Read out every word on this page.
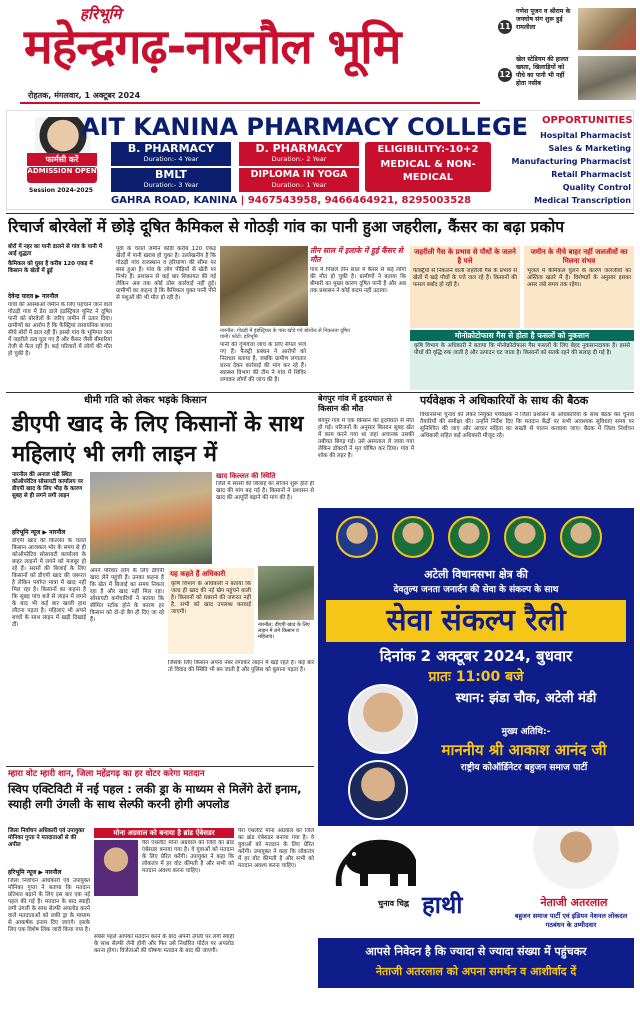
हरिभूमि
महेन्द्रगढ़-नारनौल भूमि
रोहतक, मंगलवार, 1 अक्टूबर 2024
11
गणेश पूजन व श्रीराम के जयघोष संग शुरू हुई रामलीला
12
खेल स्टेडियम की हालत खस्ता, खिलाड़ियों को पौधे का पानी भी नहीं होता नसीब
फार्मसी करें
ADMISSION OPEN
Session 2024-2025
AIT KANINA PHARMACY COLLEGE
B. PHARMACY
Duration:- 4 Year
D. PHARMACY
Duration:- 2 Year
BMLT
Duration:- 3 Year
DIPLOMA IN YOGA
Duration:- 1 Year
ELIGIBILITY:-10+2
MEDICAL & NON-MEDICAL
GAHRA ROAD, KANINA | 9467543958, 9466464921, 8295003528
OPPORTUNITIES
Hospital Pharmacist
Sales & Marketing
Manufacturing Pharmacist
Retail Pharmacist
Quality Control
Medical Transcription
रिचार्ज बोरवेलों में छोड़े दूषित कैमिकल से गोठड़ी गांव का पानी हुआ जहरीला, कैंसर का बढ़ा प्रकोप
बोरों में नहर का पानी डालने से गांव के पानी में आई शुद्धता
कैमिकल को घुसा है करीब 120 एकड़ में किसान के खेतों में ढ्रूई
देवेन्द्र यादव ▶ नारनौल
गांवों की आस्थाओं जमीन के लिए पहचाने जाने वाले गोठड़ी गांव में डेरा डाले इंडस्ट्रियल यूनिट ने दूषित पानी को बोरवेलों के जरिए जमीन में उतार दिया। ग्रामीणों का आरोप है कि फैक्ट्रियां रासायनिक कचरा सीधे बोरों में डाल रही हैं। इससे गांव के भूमिगत जल में जहरीले तत्व घुल गए हैं और कैंसर जैसी बीमारियां तेजी से फैल रही हैं। कई परिवारों में लोगों की मौत हो चुकी है।
पूर्वा के चलते जमीन कोंडी करीब 120 एकड़ खेतों में पानी खराब हो चुका है। उल्लेखनीय है कि गोठड़ी गांव राजस्थान व हरियाणा की सीमा पर बसा हुआ है। गांव के लोग पीढ़ियों से खेती पर निर्भर हैं। प्रशासन से कई बार शिकायत की गई लेकिन अब तक कोई ठोस कार्रवाई नहीं हुई। ग्रामीणों का कहना है कि कैमिकल युक्त पानी पीने से पशुओं की भी मौत हो रही है।
नारनौल: गोठड़ी में इंडस्ट्रियल के पास खोदे गये बोरवेल से निकलता दूषित पानी। फोटो: हरिभूमि
पानी की गुणवत्ता जांच के लिए सैंपल भेजे गए हैं। फैक्ट्री प्रबंधन ने आरोपों को निराधार बताया है, जबकि ग्रामीण लगातार धरना देकर कार्रवाई की मांग कर रहे हैं। स्वास्थ्य विभाग की टीम ने गांव में शिविर लगाकर लोगों की जांच की है।
तीन साल में इलाके में हुई कैंसर से मौत
गांव में पिछले तीन साल में कैंसर से कई लोगों की मौत हो चुकी है। ग्रामीणों ने बताया कि बीमारी का मुख्य कारण दूषित पानी है और अब तक प्रशासन ने कोई कदम नहीं उठाया।
जहरीली गैस के प्रभाव से पौधों के जलने है पत्ते
फैक्ट्रियों से निकलने वाली जहरीली गैस के प्रभाव से खेतों में खड़े पौधों के पत्ते जल रहे हैं। किसानों की फसल बर्बाद हो रही है।
जमीन के नीचे बाहर नहीं जलजीवों का मिलना संभव
भूजल में कैमिकल घुलने के कारण जलजीवों का अस्तित्व खतरे में है। विशेषज्ञों के अनुसार इसका असर लंबे समय तक रहेगा।
मोनोक्रोटोफास गैस से होता है फसलों को नुकसान
कृषि विभाग के अधिकारी ने बताया कि मोनोक्रोटोफास गैस फसलों के लिए बेहद नुकसानदायक है। इससे पौधों की वृद्धि रुक जाती है और उत्पादन घट जाता है। किसानों को सतर्क रहने की सलाह दी गई है।
धीमी गति को लेकर भड़के किसान
डीएपी खाद के लिए किसानों के साथ महिलाएं भी लगी लाइन में
नारनौल की अनाज मंडी स्थित कोऑपरेटिव सोसायटी कार्यालय पर डीएपी खाद के लिए भीड़ के कारण सुबह से ही लगने लगी लाइन
हरिभूमि न्यूज ▶ नारनौल
डीएपी खाद की किल्लत के चलते किसान आजकल भोर के समय से ही कोऑपरेटिव सोसायटी कार्यालय के बाहर लाइनों में लगने को मजबूर हो रहे हैं। सरसों की बिजाई के लिए किसानों को डीएपी खाद की जरूरत है लेकिन पर्याप्त मात्रा में खाद नहीं मिल रहा है। किसानों का कहना है कि सुबह पांच बजे से लाइन में लगने के बाद भी कई बार खाली हाथ लौटना पड़ता है। महिलाएं भी अपने बच्चों के साथ लाइन में खड़ी दिखाई दीं।
अपने परिवार लोग के लिए डीएपी खाद लेने पहुंची हैं। उनका कहना है कि खेत में बिजाई का समय निकल रहा है और खाद नहीं मिल रहा। सोसायटी कर्मचारियों ने बताया कि सीमित स्टॉक होने के कारण हर किसान को दो-दो बैग ही दिए जा रहे हैं।
खाद किल्लत की स्थिति
जिले में सरसों की बिजाई का सीजन शुरू होते ही खाद की मांग बढ़ गई है। किसानों ने प्रशासन से खाद की आपूर्ति बढ़ाने की मांग की है।
यह कहते हैं अधिकारी
कृषि विभाग के अधिकारी ने बताया कि जल्द ही खाद की नई खेप पहुंचने वाली है। किसानों को घबराने की जरूरत नहीं है, सभी को खाद उपलब्ध करवाई जाएगी।
नारनौल: डीएपी खाद के लिए लाइन में लगे किसान व महिलाएं।
जिसके लिए किसान अपना नंबर लगाकर लाइन में खड़े रहते हैं। कई बार तो विवाद की स्थिति भी बन जाती है और पुलिस को बुलाना पड़ता है।
बेगपुर गांव में हृदयघात से किसान की मौत
बेगपुर गांव में एक किसान की हृदयघात से मौत हो गई। परिजनों के अनुसार किसान सुबह खेत में काम करने गया था जहां अचानक उसकी तबीयत बिगड़ गई। उसे अस्पताल ले जाया गया लेकिन डॉक्टरों ने मृत घोषित कर दिया। गांव में शोक की लहर है।
पर्यवेक्षक ने अधिकारियों के साथ की बैठक
विधानसभा चुनाव को लेकर नियुक्त पर्यवेक्षक ने जिला प्रशासन के अधिकारियों के साथ बैठक कर चुनाव तैयारियों की समीक्षा की। उन्होंने निर्देश दिए कि मतदान केंद्रों पर सभी आवश्यक सुविधाएं समय पर सुनिश्चित की जाएं और आचार संहिता का सख्ती से पालन करवाया जाए। बैठक में जिला निर्वाचन अधिकारी सहित कई अधिकारी मौजूद रहे।
अटेली विधानसभा क्षेत्र की
देवतुल्य जनता जनार्दन की सेवा के संकल्प के साथ
सेवा संकल्प रैली
दिनांक 2 अक्टूबर 2024, बुधवार
प्रातः 11:00 बजे
स्थान: झंडा चौक, अटेली मंडी
मुख्य अतिथि:-
माननीय श्री आकाश आनंद जी
राष्ट्रीय कोऑर्डिनेटर बहुजन समाज पार्टी
चुनाव चिह्न हाथी	नेताजी अतरलाल
बहुजन समाज पार्टी एवं इंडियन नेशनल लोकदल गठबंधन के उम्मीदवार
आपसे निवेदन है कि ज्यादा से ज्यादा संख्या में पहुंचकर
नेताजी अतरलाल को अपना समर्थन व आशीर्वाद दें
म्हारा वोट म्हारी शान, जिला महेंद्रगढ़ का हर वोटर करेगा मतदान
स्विप एक्टिविटी में नई पहल : लकी ड्रा के माध्यम से मिलेंगे ढेरों इनाम, स्याही लगी उंगली के साथ सेल्फी करनी होगी अपलोड
जिला निर्वाचन अधिकारी एवं उपायुक्त मोनिका गुप्ता ने मतदाताओं से की अपील
हरिभूमि न्यूज ▶ नारनौल
जिला निर्वाचन अधिकारी एवं उपायुक्त मोनिका गुप्ता ने बताया कि मतदान प्रतिशत बढ़ाने के लिए इस बार एक नई पहल की गई है। मतदान के बाद स्याही लगी उंगली के साथ सेल्फी अपलोड करने वाले मतदाताओं को लकी ड्रा के माध्यम से आकर्षक इनाम दिए जाएंगे। इसके लिए एक विशेष लिंक जारी किया गया है।
मोना अग्रवाल को बनाया है ब्रांड ऐंबेसडर
पैरा एथलीट मोना अग्रवाल को जिले का ब्रांड एंबेसडर बनाया गया है। वे युवाओं को मतदान के लिए प्रेरित करेंगी। उपायुक्त ने कहा कि लोकतंत्र में हर वोट कीमती है और सभी को मतदान अवश्य करना चाहिए।
सबसे पहले आपको मतदान करने के बाद अपनी उंगली पर लगी स्याही के साथ सेल्फी लेनी होगी और फिर उसे निर्धारित पोर्टल पर अपलोड करना होगा। विजेताओं की घोषणा मतदान के बाद की जाएगी।
पैरा एथलीट मोना अग्रवाल को जिले का ब्रांड एंबेसडर बनाया गया है। वे युवाओं को मतदान के लिए प्रेरित करेंगी। उपायुक्त ने कहा कि लोकतंत्र में हर वोट कीमती है और सभी को मतदान अवश्य करना चाहिए।
